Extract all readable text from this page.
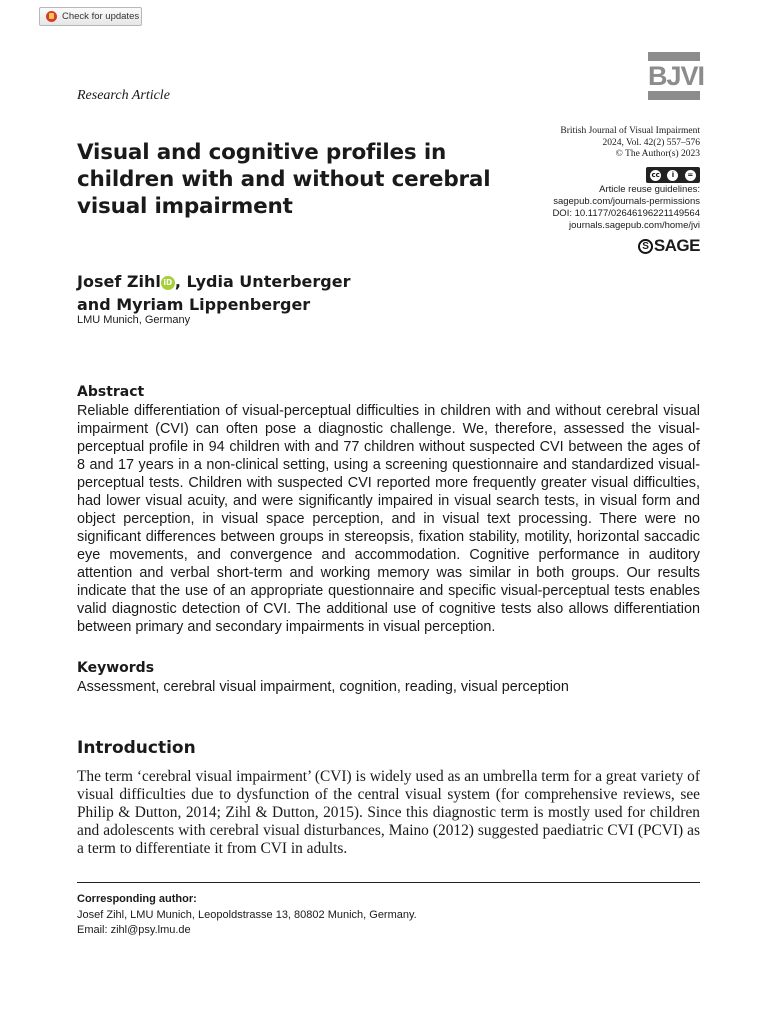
Check for updates
BJVI
Research Article
Visual and cognitive profiles in children with and without cerebral visual impairment
British Journal of Visual Impairment
2024, Vol. 42(2) 557–576
© The Author(s) 2023
cc	i	=
Article reuse guidelines:
sagepub.com/journals-permissions
DOI: 10.1177/02646196221149564
journals.sagepub.com/home/jvi
S SAGE
Josef Zihl iD , Lydia Unterberger
and Myriam Lippenberger
LMU Munich, Germany
Abstract
Reliable differentiation of visual-perceptual difficulties in children with and without cerebral visual impairment (CVI) can often pose a diagnostic challenge. We, therefore, assessed the visual-perceptual profile in 94 children with and 77 children without suspected CVI between the ages of 8 and 17 years in a non-clinical setting, using a screening questionnaire and standardized visual-perceptual tests. Children with suspected CVI reported more frequently greater visual difficulties, had lower visual acuity, and were significantly impaired in visual search tests, in visual form and object perception, in visual space perception, and in visual text processing. There were no significant differences between groups in stereopsis, fixation stability, motility, horizontal saccadic eye movements, and convergence and accommodation. Cognitive performance in auditory attention and verbal short-term and working memory was similar in both groups. Our results indicate that the use of an appropriate questionnaire and specific visual-perceptual tests enables valid diagnostic detection of CVI. The additional use of cognitive tests also allows differentiation between primary and secondary impairments in visual perception.
Keywords
Assessment, cerebral visual impairment, cognition, reading, visual perception
Introduction
The term ‘cerebral visual impairment’ (CVI) is widely used as an umbrella term for a great variety of visual difficulties due to dysfunction of the central visual system (for comprehensive reviews, see Philip & Dutton, 2014; Zihl & Dutton, 2015). Since this diagnostic term is mostly used for children and adolescents with cerebral visual disturbances, Maino (2012) suggested paediatric CVI (PCVI) as a term to differentiate it from CVI in adults.
Corresponding author:
Josef Zihl, LMU Munich, Leopoldstrasse 13, 80802 Munich, Germany.
Email: zihl@psy.lmu.de
